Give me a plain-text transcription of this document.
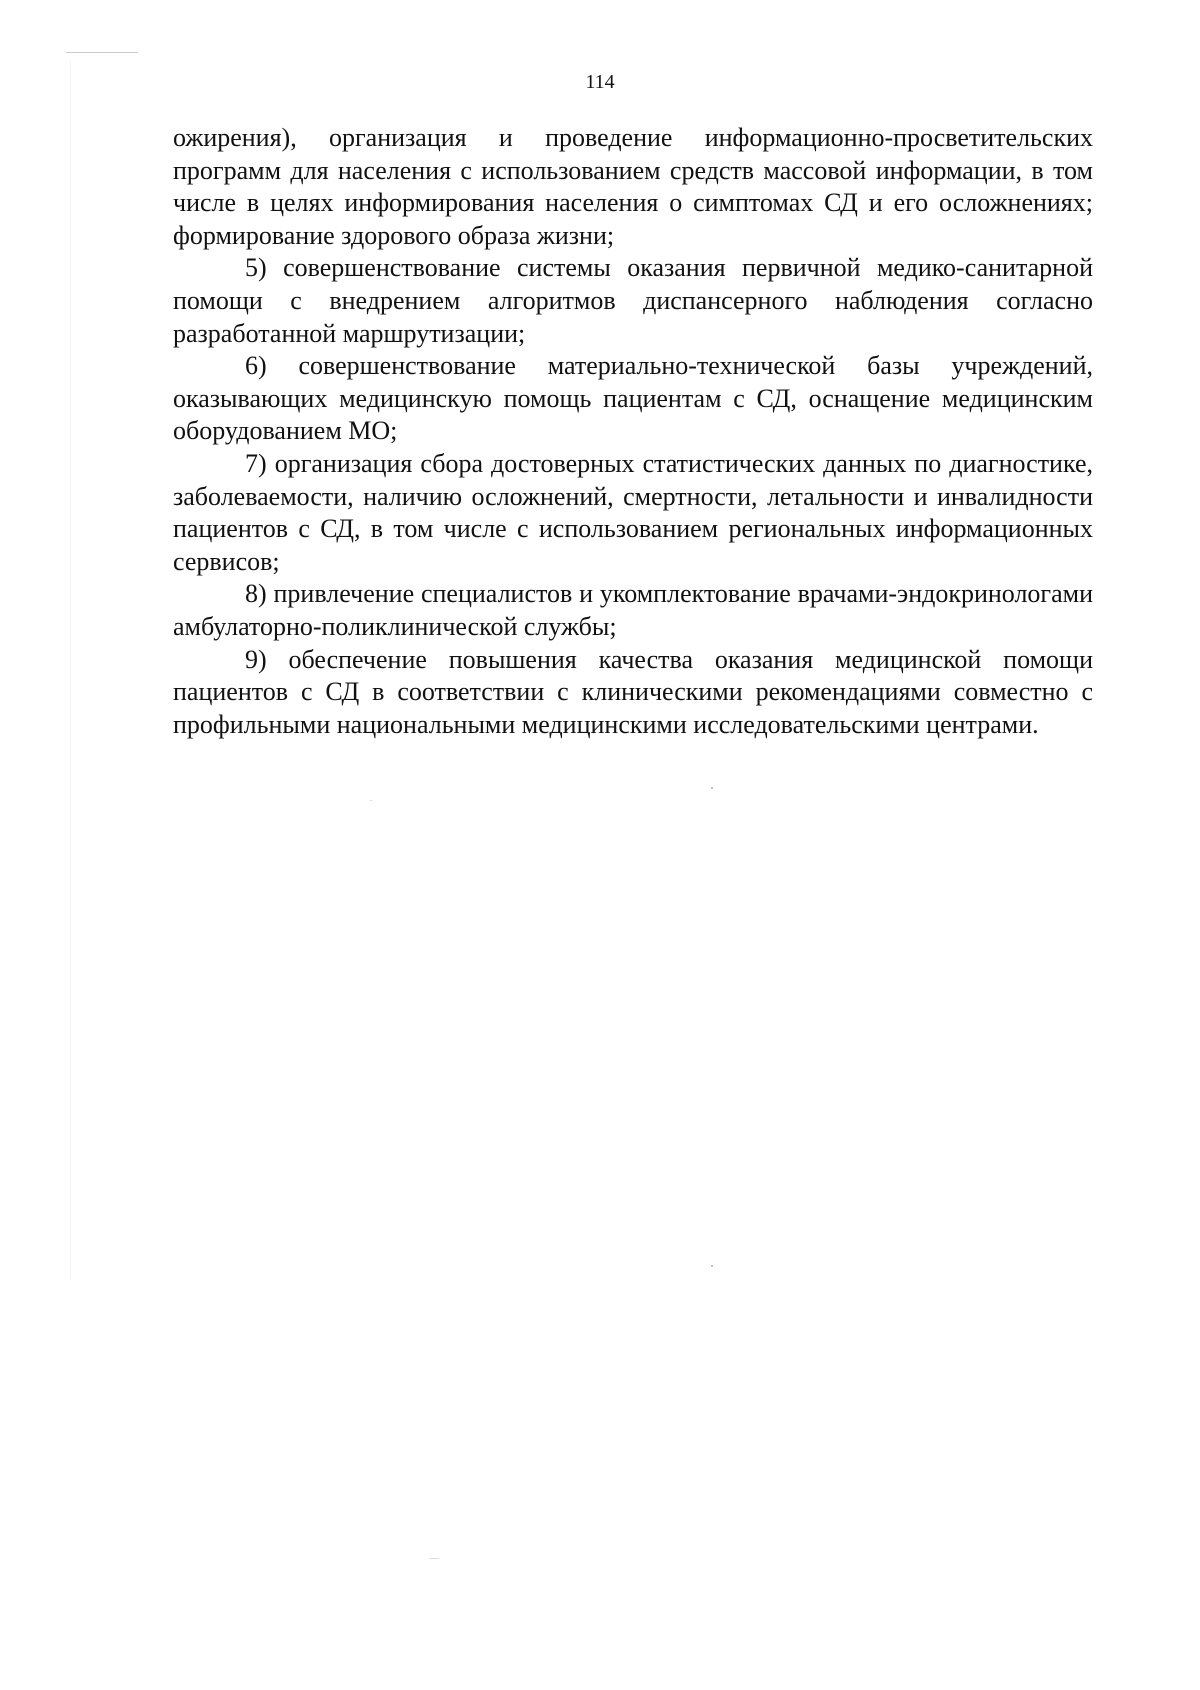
114

ожирения), организация и проведение информационно-просветительских программ для населения с использованием средств массовой информации, в том числе в целях информирования населения о симптомах СД и его осложнениях; формирование здорового образа жизни;

5) совершенствование системы оказания первичной медико-санитарной помощи с внедрением алгоритмов диспансерного наблюдения согласно разработанной маршрутизации;

6) совершенствование материально-технической базы учреждений, оказывающих медицинскую помощь пациентам с СД, оснащение медицинским оборудованием МО;

7) организация сбора достоверных статистических данных по диагностике, заболеваемости, наличию осложнений, смертности, летальности и инвалидности пациентов с СД, в том числе с использованием региональных информационных сервисов;

8) привлечение специалистов и укомплектование врачами-эндокринологами амбулаторно-поликлинической службы;

9) обеспечение повышения качества оказания медицинской помощи пациентов с СД в соответствии с клиническими рекомендациями совместно с профильными национальными медицинскими исследовательскими центрами.
